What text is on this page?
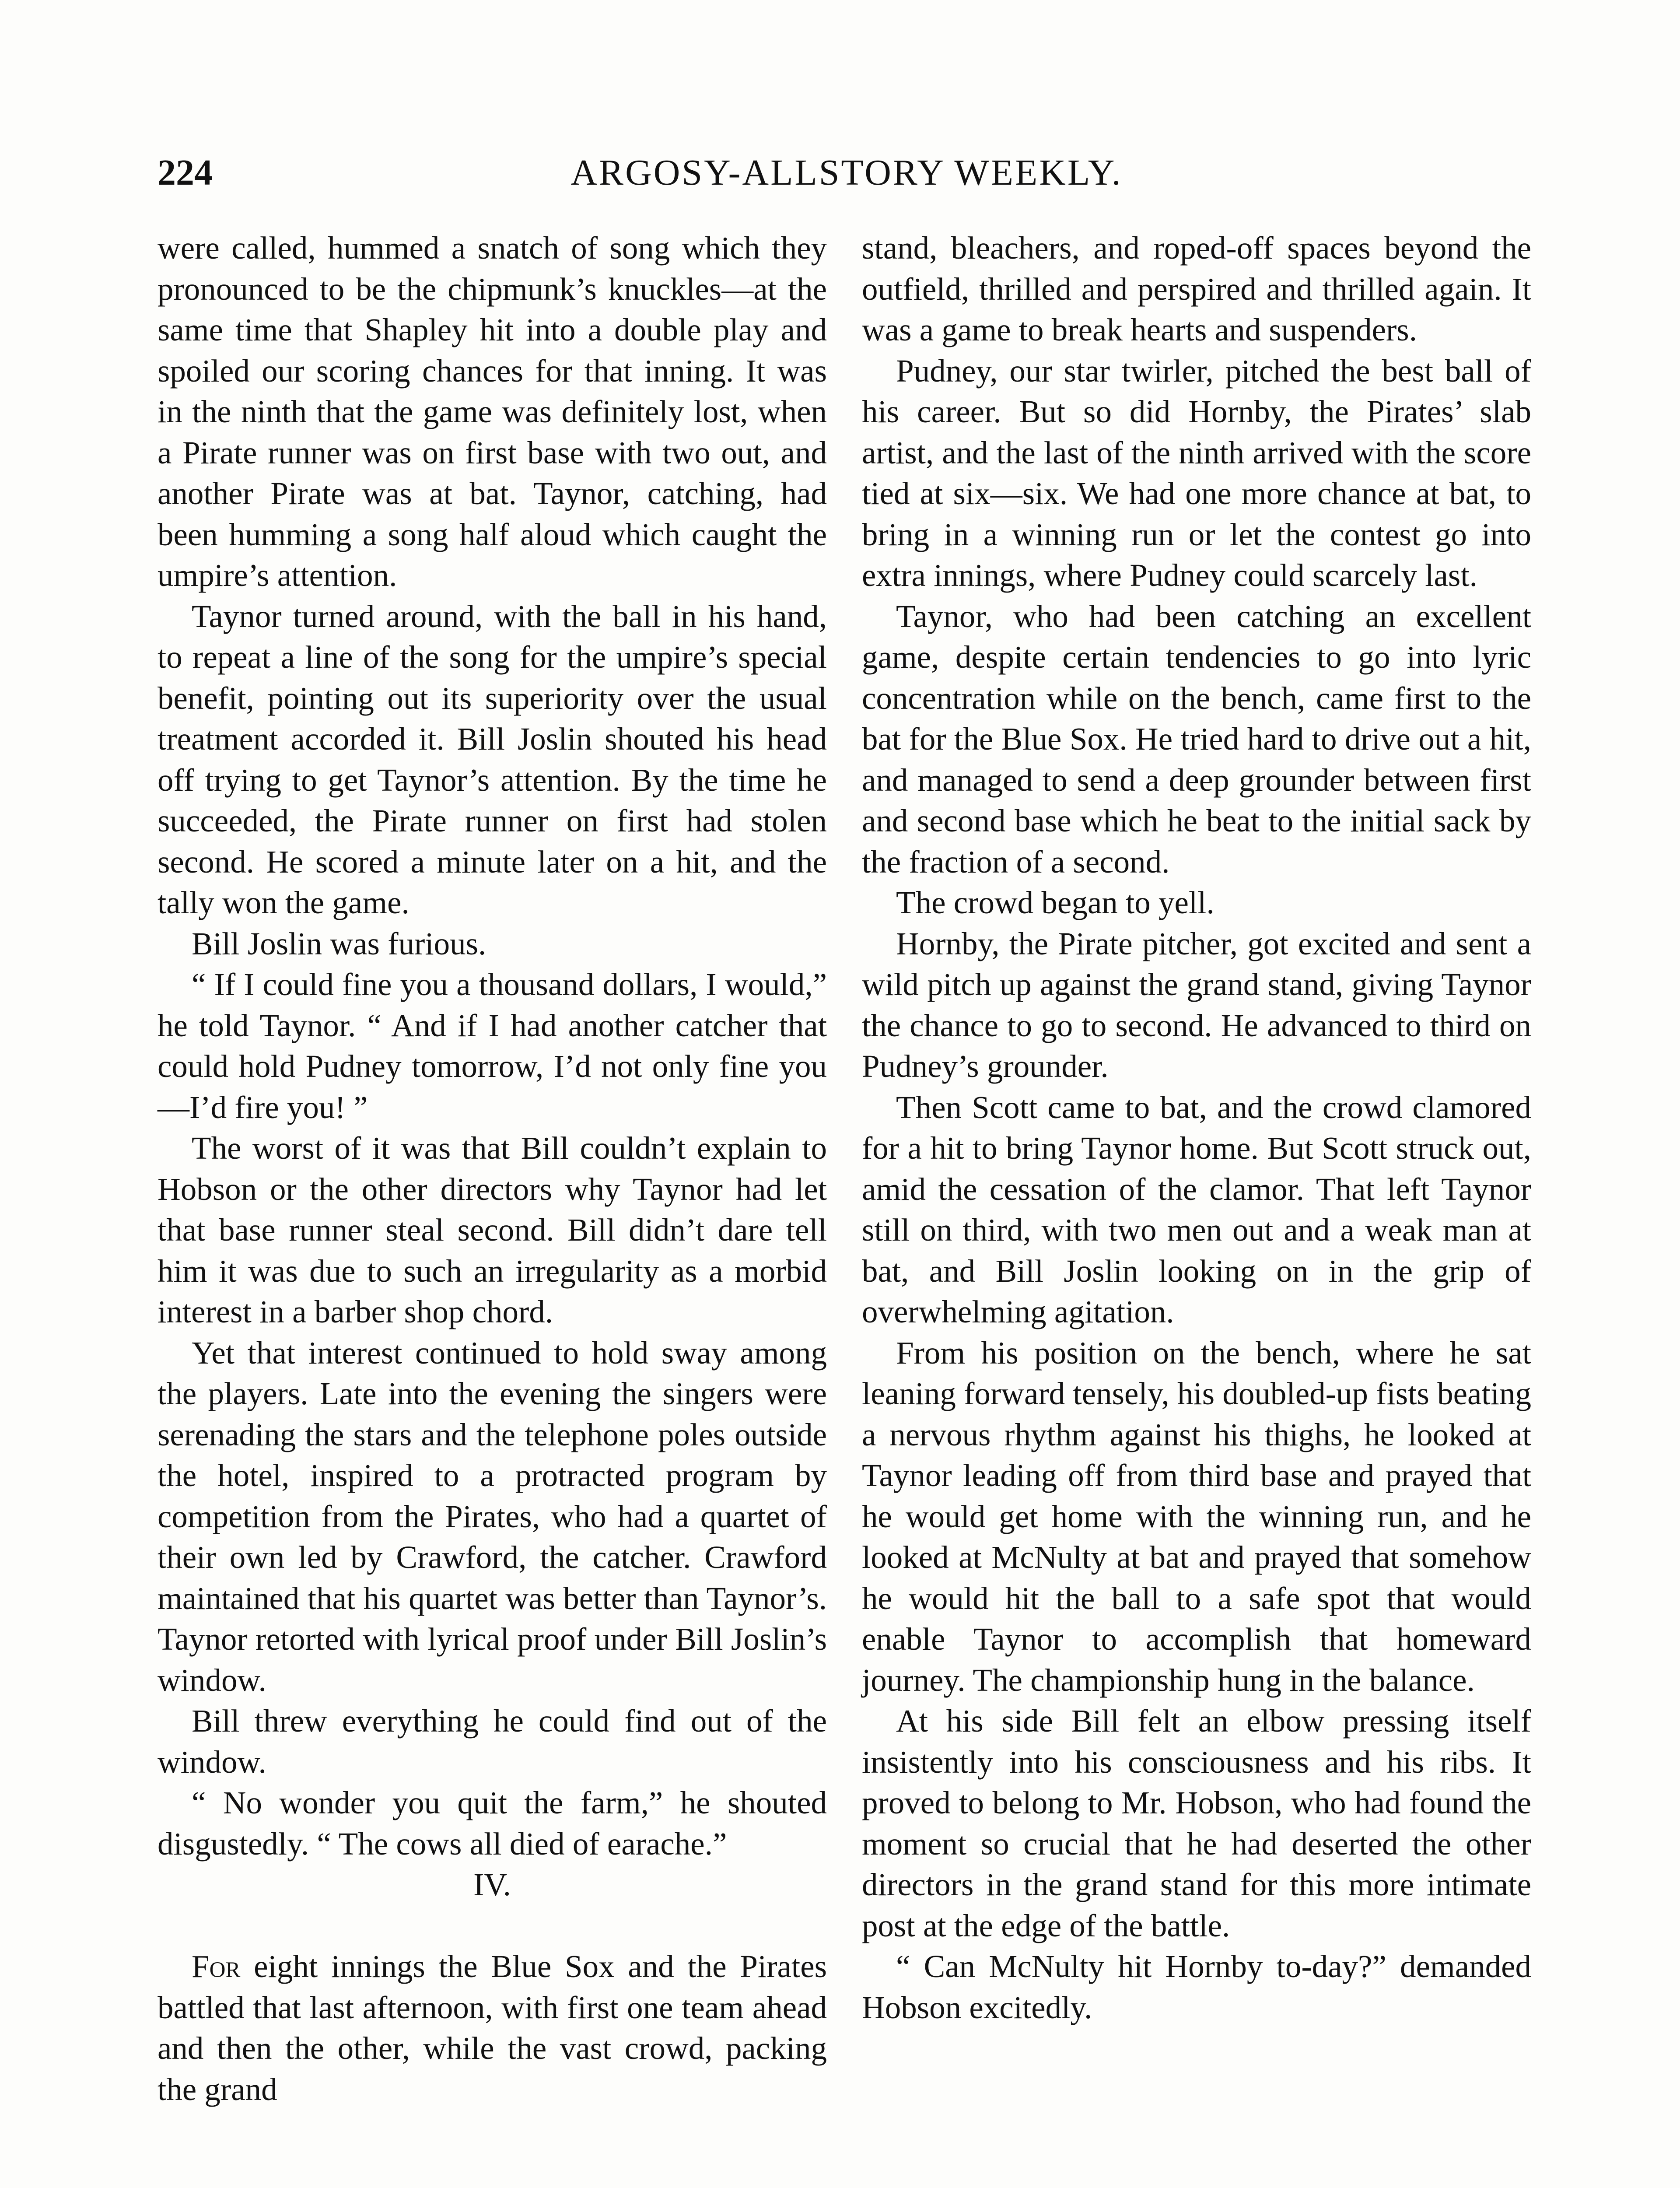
224	ARGOSY-ALLSTORY WEEKLY.

were called, hummed a snatch of song which they pronounced to be the chipmunk’s knuckles—at the same time that Shapley hit into a double play and spoiled our scoring chances for that inning. It was in the ninth that the game was definitely lost, when a Pirate runner was on first base with two out, and another Pirate was at bat. Taynor, catching, had been humming a song half aloud which caught the umpire’s attention.

Taynor turned around, with the ball in his hand, to repeat a line of the song for the umpire’s special benefit, pointing out its superiority over the usual treatment accorded it. Bill Joslin shouted his head off trying to get Taynor’s attention. By the time he succeeded, the Pirate runner on first had stolen second. He scored a minute later on a hit, and the tally won the game.

Bill Joslin was furious.

“ If I could fine you a thousand dollars, I would,” he told Taynor. “ And if I had another catcher that could hold Pudney tomorrow, I’d not only fine you—I’d fire you! ”

The worst of it was that Bill couldn’t explain to Hobson or the other directors why Taynor had let that base runner steal second. Bill didn’t dare tell him it was due to such an irregularity as a morbid interest in a barber shop chord.

Yet that interest continued to hold sway among the players. Late into the evening the singers were serenading the stars and the telephone poles outside the hotel, inspired to a protracted program by competition from the Pirates, who had a quartet of their own led by Crawford, the catcher. Crawford maintained that his quartet was better than Taynor’s. Taynor retorted with lyrical proof under Bill Joslin’s window.

Bill threw everything he could find out of the window.

“ No wonder you quit the farm,” he shouted disgustedly. “ The cows all died of earache.”

IV.

For eight innings the Blue Sox and the Pirates battled that last afternoon, with first one team ahead and then the other, while the vast crowd, packing the grand

stand, bleachers, and roped-off spaces beyond the outfield, thrilled and perspired and thrilled again. It was a game to break hearts and suspenders.

Pudney, our star twirler, pitched the best ball of his career. But so did Hornby, the Pirates’ slab artist, and the last of the ninth arrived with the score tied at six—six. We had one more chance at bat, to bring in a winning run or let the contest go into extra innings, where Pudney could scarcely last.

Taynor, who had been catching an excellent game, despite certain tendencies to go into lyric concentration while on the bench, came first to the bat for the Blue Sox. He tried hard to drive out a hit, and managed to send a deep grounder between first and second base which he beat to the initial sack by the fraction of a second.

The crowd began to yell.

Hornby, the Pirate pitcher, got excited and sent a wild pitch up against the grand stand, giving Taynor the chance to go to second. He advanced to third on Pudney’s grounder.

Then Scott came to bat, and the crowd clamored for a hit to bring Taynor home. But Scott struck out, amid the cessation of the clamor. That left Taynor still on third, with two men out and a weak man at bat, and Bill Joslin looking on in the grip of overwhelming agitation.

From his position on the bench, where he sat leaning forward tensely, his doubled-up fists beating a nervous rhythm against his thighs, he looked at Taynor leading off from third base and prayed that he would get home with the winning run, and he looked at McNulty at bat and prayed that somehow he would hit the ball to a safe spot that would enable Taynor to accomplish that homeward journey. The championship hung in the balance.

At his side Bill felt an elbow pressing itself insistently into his consciousness and his ribs. It proved to belong to Mr. Hobson, who had found the moment so crucial that he had deserted the other directors in the grand stand for this more intimate post at the edge of the battle.

“ Can McNulty hit Hornby to-day?” demanded Hobson excitedly.
